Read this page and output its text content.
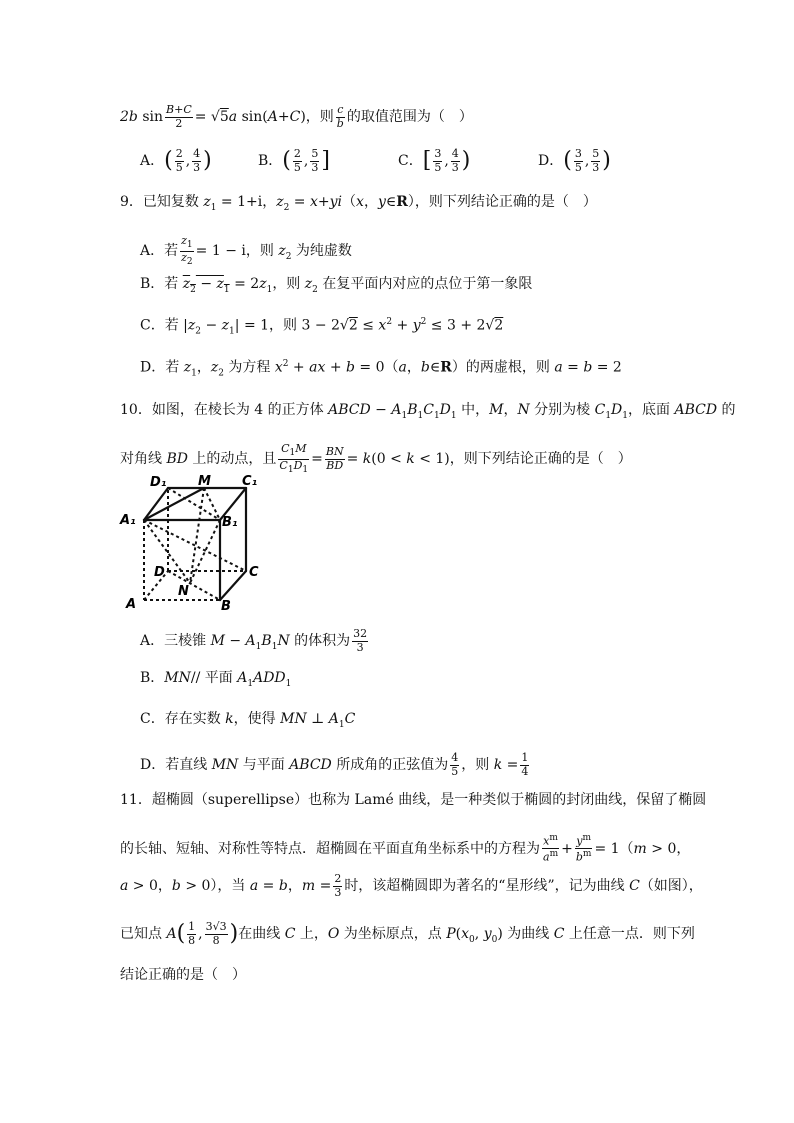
2b $\sin \frac{B+C}{2} = √5a$ sin(A+C)，则 $\frac{c}{b}$ 的取值范围为（　）
A．( $\frac{2}{5}$ , $\frac{4}{3}$ )	B．( $\frac{2}{5}$ , $\frac{5}{3}$ ]	C．[ $\frac{3}{5}$ , $\frac{4}{3}$ )	D．( $\frac{3}{5}$ , $\frac{5}{3}$ )
9．已知复数 $z_1 = 1+i$，$z_2 = x+yi(x$，y∈R），则下列结论正确的是（　）
A．若 $\frac{z_1}{z_2} = 1 - i$，则 $z_2$ 为纯虚数
B．若 $z_2 - z_1 = 2z_1$，则 $z_2$ 在复平面内对应的点位于第一象限
C．若 $|z_2 - z_1| = 1$，则 $3 - 2√2 \le x^2 + y^2 \le 3 + 2√2$
D．若 $z_1$，$z_2$ 为方程 $x^2$ + ax + b = 0（a，b∈R）的两虚根，则 a = b = 2
10．如图，在棱长为 4 的正方体 ABCD − $A_1B_1C_1D_1$ 中，M，N 分别为棱 $C_1D_1$，底面 ABCD 的
对角线 BD 上的动点，且 $\frac{C_1M}{C_1D_1} = \frac{BN}{BD} = k(0 < k < 1)$，则下列结论正确的是（　）
D₁ M C₁
A₁	B₁
D	C
N
A	B
A．三棱锥 $M - A_1B_1N$ 的体积为 $\frac{32}{3}$
B．MN// 平面 $A_1ADD_1$
C．存在实数 k，使得 MN ⊥ $A_1C$
D．若直线 MN 与平面 ABCD 所成角的正弦值为 $\frac{4}{5}$ ，则 $k = \frac{1}{4}$
11．超椭圆（superellipse）也称为 Lamé 曲线，是一种类似于椭圆的封闭曲线，保留了椭圆
的长轴、短轴、对称性等特点．超椭圆在平面直角坐标系中的方程为 $\frac{x^m}{a^m} + \frac{y^m}{b^m} = 1(m > 0$，
a > 0，b > 0），当 a = b，$m = \frac{2}{3}$ 时，该超椭圆即为著名的“星形线”，记为曲线 C（如图），
已知点 $A( \frac{1}{8}$ , $\frac{3√3}{8}$ )在曲线 C 上，O 为坐标原点，点 $P(x_0$, $y_0$) 为曲线 C 上任意一点．则下列
结论正确的是（　）
